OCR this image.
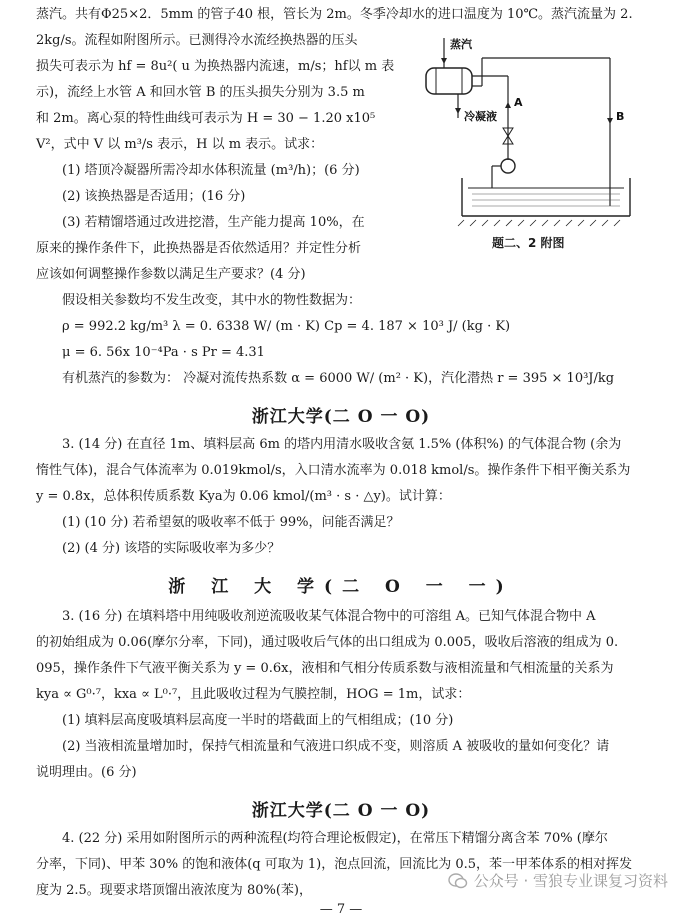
蒸汽。共有Φ25×2．5mm 的管子40 根，管长为 2m。冬季冷却水的进口温度为 10℃。蒸汽流量为 2.
2kg/s。流程如附图所示。已测得冷水流经换热器的压头
损失可表示为 hf = 8u²( u 为换热器内流速，m/s；hf以 m 表
示)，流经上水管 A 和回水管 B 的压头损失分别为 3.5 m
和 2m。离心泵的特性曲线可表示为 H = 30 − 1.20 x10⁵
V²，式中 V 以 m³/s 表示，H 以 m 表示。试求：
(1) 塔顶冷凝器所需冷却水体积流量 (m³/h)；(6 分)
(2) 该换热器是否适用；(16 分)
(3) 若精馏塔通过改进挖潜，生产能力提高 10%，在
原来的操作条件下，此换热器是否依然适用？并定性分析
应该如何调整操作参数以满足生产要求？(4 分)
假设相关参数均不发生改变，其中水的物性数据为：
ρ = 992.2 kg/m³ λ = 0. 6338 W/ (m · K) Cp = 4. 187 × 10³ J/ (kg · K)
μ = 6. 56x 10⁻⁴Pa · s Pr = 4.31
有机蒸汽的参数为： 冷凝对流传热系数 α = 6000 W/ (m² · K)，汽化潜热 r = 395 × 10³J/kg
蒸汽
冷凝液
A
B
题二、2 附图
浙江大学(二 O 一 O)
3. (14 分) 在直径 1m、填料层高 6m 的塔内用清水吸收含氨 1.5% (体积%) 的气体混合物 (余为
惰性气体)，混合气体流率为 0.019kmol/s，入口清水流率为 0.018 kmol/s。操作条件下相平衡关系为
y = 0.8x，总体积传质系数 Kya为 0.06 kmol/(m³ · s · △y)。试计算：
(1) (10 分) 若希望氨的吸收率不低于 99%，问能否满足？
(2) (4 分) 该塔的实际吸收率为多少？
浙 江 大 学(二 O 一 一)
3. (16 分) 在填料塔中用纯吸收剂逆流吸收某气体混合物中的可溶组 A。已知气体混合物中 A
的初始组成为 0.06(摩尔分率，下同)，通过吸收后气体的出口组成为 0.005，吸收后溶液的组成为 0.
095，操作条件下气液平衡关系为 y = 0.6x，液相和气相分传质系数与液相流量和气相流量的关系为
kya ∝ G⁰·⁷，kxa ∝ L⁰·⁷，且此吸收过程为气膜控制，HOG = 1m，试求：
(1) 填料层高度吸填料层高度一半时的塔截面上的气相组成；(10 分)
(2) 当液相流量增加时，保持气相流量和气液进口织成不变，则溶质 A 被吸收的量如何变化？请
说明理由。(6 分)
浙江大学(二 O 一 O)
4. (22 分) 采用如附图所示的两种流程(均符合理论板假定)，在常压下精馏分离含苯 70% (摩尔
分率，下同)、甲苯 30% 的饱和液体(q 可取为 1)，泡点回流，回流比为 0.5，苯一甲苯体系的相对挥发
度为 2.5。现要求塔顶馏出液浓度为 80%(苯)，
公众号 · 雪狼专业课复习资料
— 7 —
